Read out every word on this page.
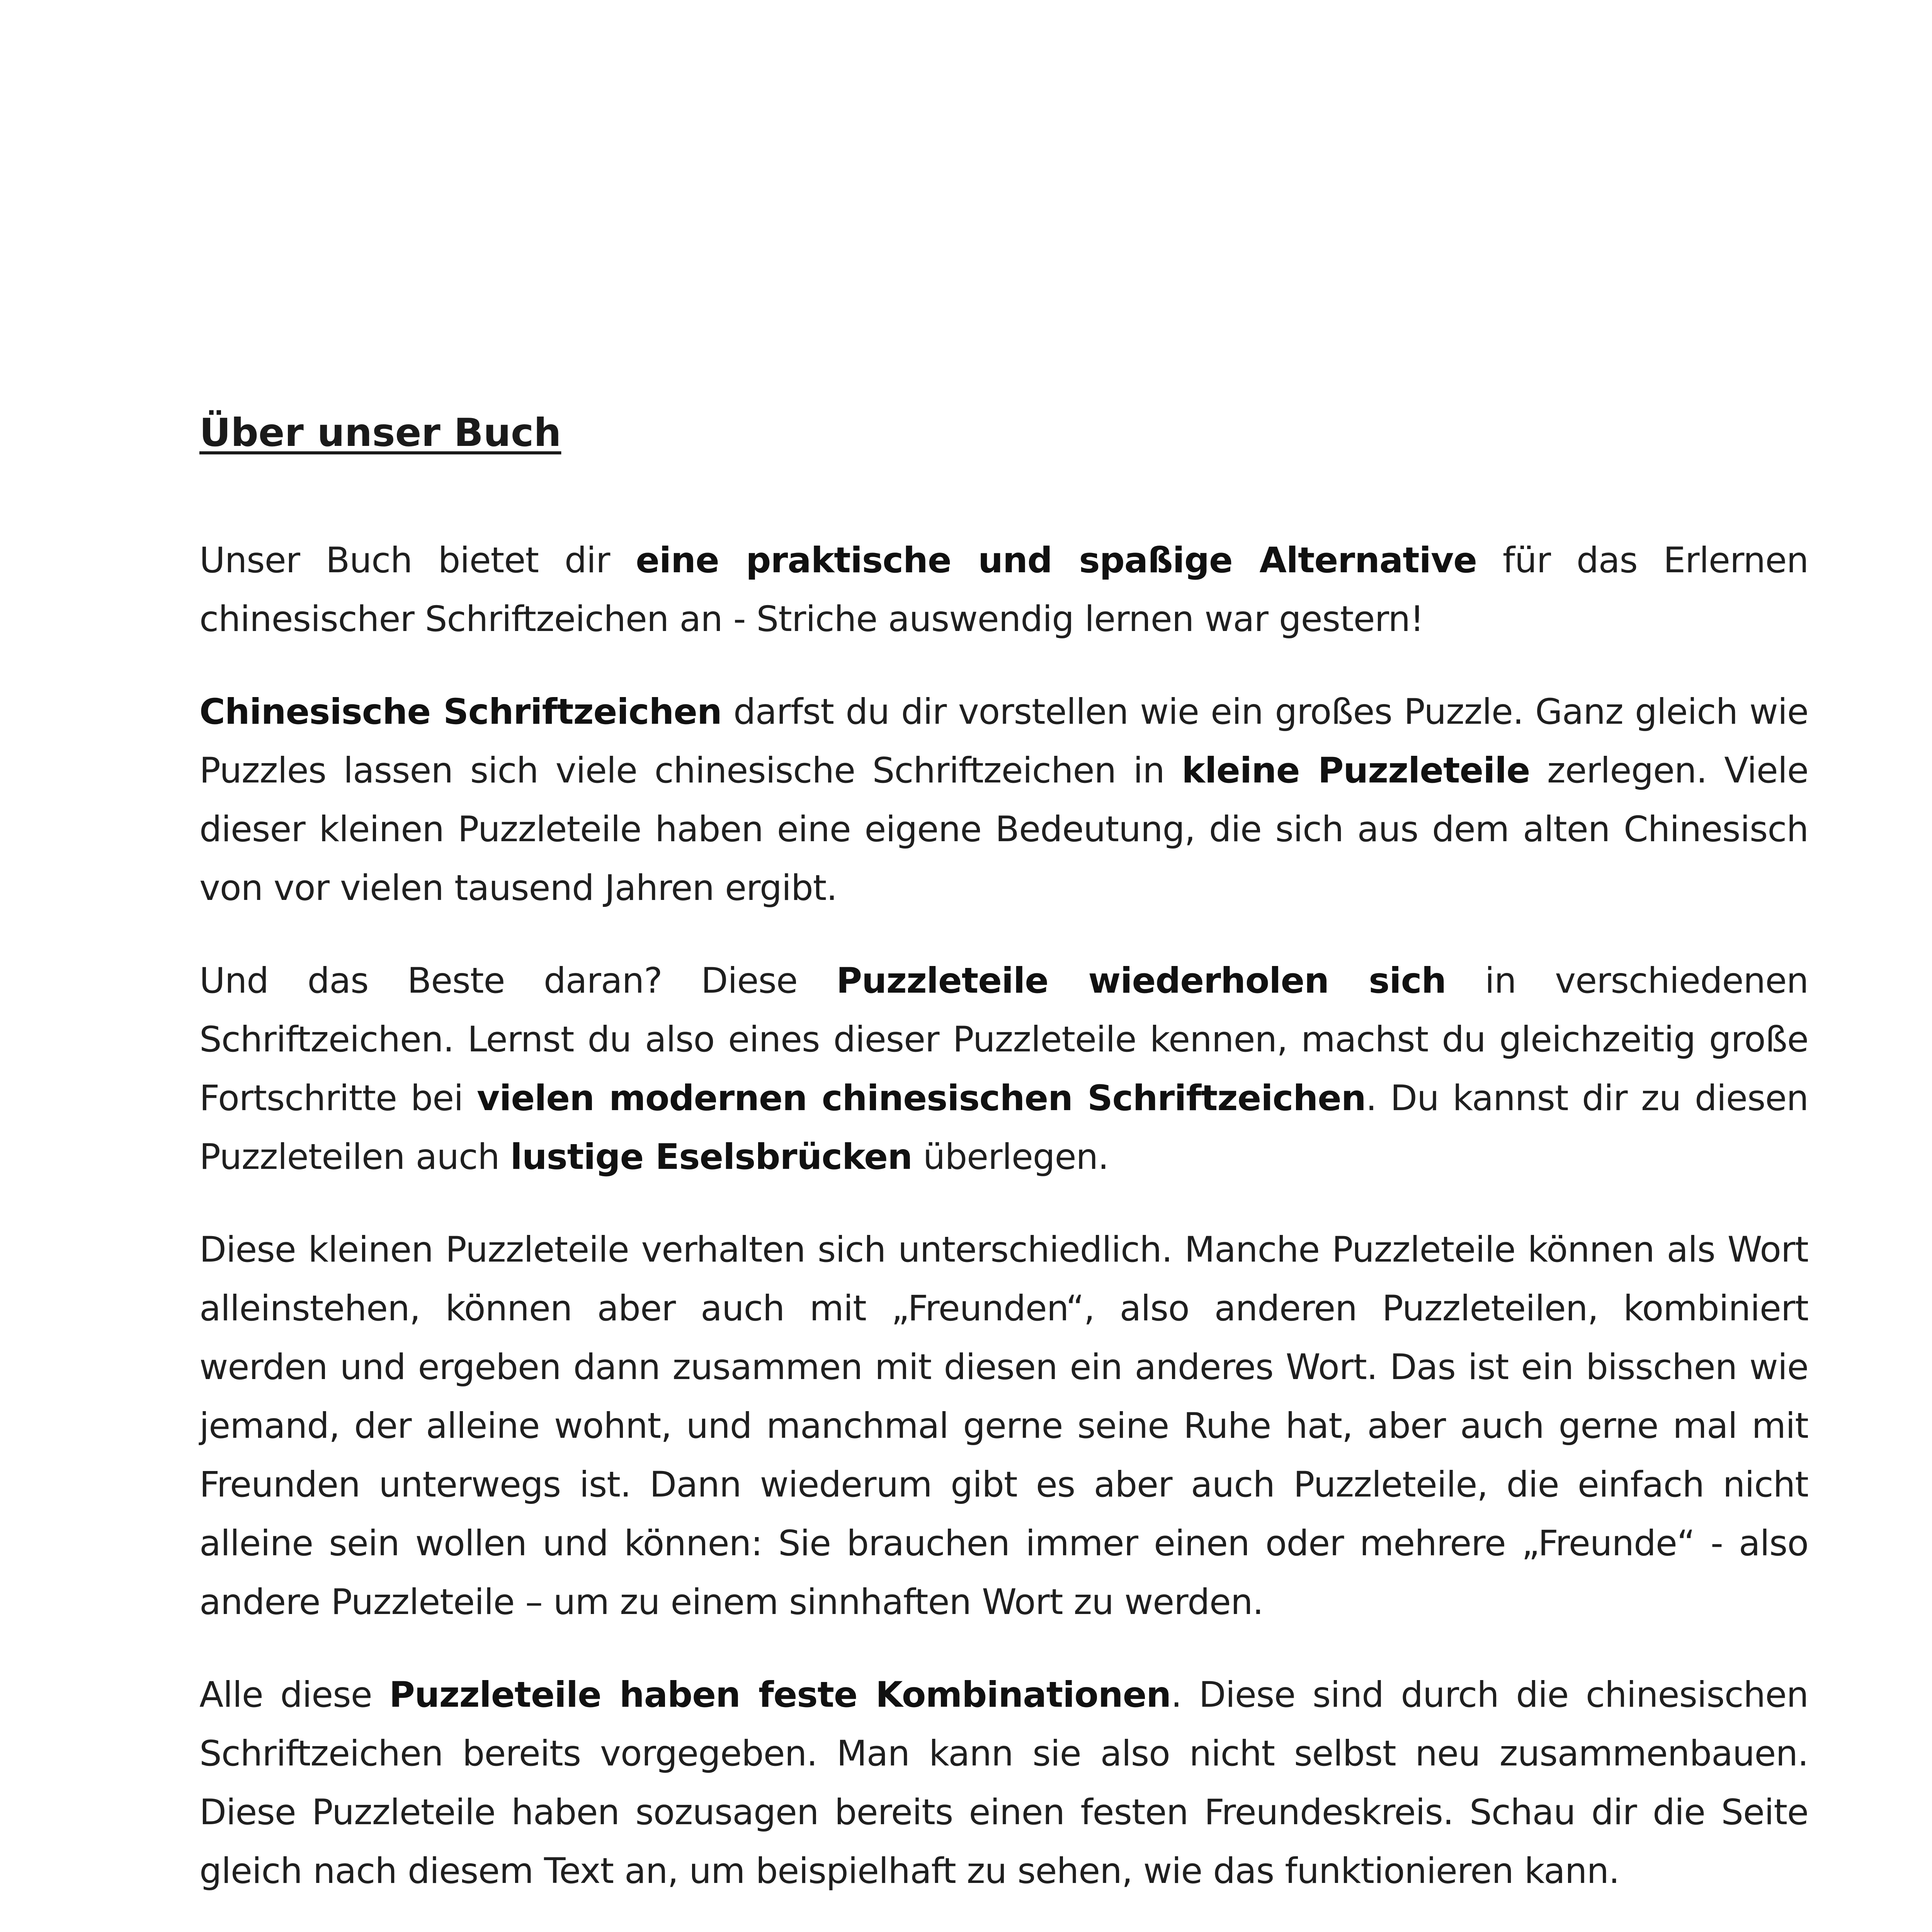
Über unser Buch

Unser Buch bietet dir eine praktische und spaßige Alternative für das Erlernen chinesischer Schriftzeichen an - Striche auswendig lernen war gestern!

Chinesische Schriftzeichen darfst du dir vorstellen wie ein großes Puzzle. Ganz gleich wie Puzzles lassen sich viele chinesische Schriftzeichen in kleine Puzzleteile zerlegen. Viele dieser kleinen Puzzleteile haben eine eigene Bedeutung, die sich aus dem alten Chinesisch von vor vielen tausend Jahren ergibt.

Und das Beste daran? Diese Puzzleteile wiederholen sich in verschiedenen Schriftzeichen. Lernst du also eines dieser Puzzleteile kennen, machst du gleichzeitig große Fortschritte bei vielen modernen chinesischen Schriftzeichen. Du kannst dir zu diesen Puzzleteilen auch lustige Eselsbrücken überlegen.

Diese kleinen Puzzleteile verhalten sich unterschiedlich. Manche Puzzleteile können als Wort alleinstehen, können aber auch mit „Freunden“, also anderen Puzzleteilen, kombiniert werden und ergeben dann zusammen mit diesen ein anderes Wort. Das ist ein bisschen wie jemand, der alleine wohnt, und manchmal gerne seine Ruhe hat, aber auch gerne mal mit Freunden unterwegs ist. Dann wiederum gibt es aber auch Puzzleteile, die einfach nicht alleine sein wollen und können: Sie brauchen immer einen oder mehrere „Freunde“ - also andere Puzzleteile – um zu einem sinnhaften Wort zu werden.

Alle diese Puzzleteile haben feste Kombinationen. Diese sind durch die chinesischen Schriftzeichen bereits vorgegeben. Man kann sie also nicht selbst neu zusammenbauen. Diese Puzzleteile haben sozusagen bereits einen festen Freundeskreis. Schau dir die Seite gleich nach diesem Text an, um beispielhaft zu sehen, wie das funktionieren kann.
